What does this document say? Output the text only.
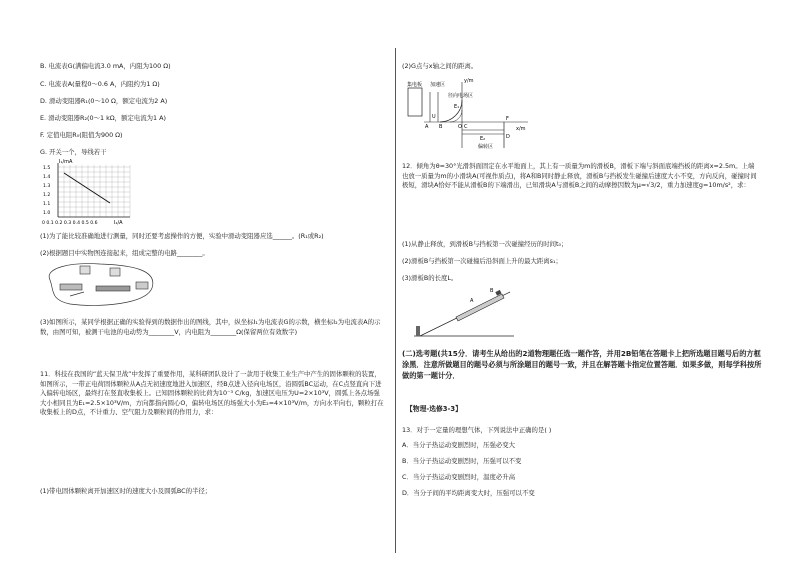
B. 电流表G(满偏电流3.0 mA，内阻为100 Ω)
C. 电流表A(量程0～0.6 A，内阻约为1 Ω)
D. 滑动变阻器R₁(0～10 Ω，额定电流为2 A)
E. 滑动变阻器R₂(0～1 kΩ，额定电流为1 A)
F. 定值电阻R₀(阻值为900 Ω)
G. 开关一个，导线若干
I₁/mA
1.5
1.4
1.3
1.2
1.1
1.0
0 0.1 0.2 0.3 0.4 0.5 0.6	I₂/A
(1)为了能比较准确地进行测量，同时还要考虑操作的方便，实验中滑动变阻器应选______。(R₁或R₂)
(2)根据题目中实物图连接起来，组成完整的电路________。
(3)如图所示，某同学根据正确的实验得到的数据作出的图线，其中，纵坐标I₁为电流表G的示数，横坐标I₂为电流表A的示数，由图可知，被测干电池的电动势为________V，内电阻为________Ω(保留两位有效数字)
11．科技在我国的“蓝天保卫战”中发挥了重要作用，某科研团队设计了一款用于收集工业生产中产生的固体颗粒的装置，如图所示，一带正电荷固体颗粒从A点无初速度地进入加速区，经B点进入径向电场区，沿圆弧BC运动，在C点竖直向下进入偏转电场区，最终打在竖直收集板上。已知固体颗粒的比荷为10⁻³ C/kg，加速区电压为U=2×10³V，圆弧上各点场强大小相同且为E₁=2.5×10³V/m，方向都指向圆心O，偏转电场区的场强大小为E₂=4×10³V/m，方向水平向右，颗粒打在收集板上的D点，不计重力、空气阻力及颗粒间的作用力，求：
(1)带电固体颗粒离开加速区时的速度大小及圆弧BC的半径；
(2)G点与x轴之间的距离。
集电板 加速区
径向电场区
y/m
x/m
U
A B	O C
E₁
E₂
F
D
偏转区
12．倾角为θ=30°光滑斜面固定在水平地面上，其上有一质量为m的滑板B，滑板下端与斜面底端挡板的距离x=2.5m。上端也放一质量为m的小滑块A(可视作质点)，将A和B同时静止释放，滑板B与挡板发生碰撞后速度大小不变，方向反向，碰撞时间极短，滑块A恰好不能从滑板B的下端滑出，已知滑块A与滑板B之间的动摩擦因数为μ=√3/2，重力加速度g=10m/s²，求：
(1)从静止释放，到滑板B与挡板第一次碰撞经历的时间t₀；
(2)滑板B与挡板第一次碰撞后沿斜面上升的最大距离s₁；
(3)滑板B的长度L。
A
B
(二)选考题(共15分．请考生从给出的2道物理题任选一题作答，并用2B铅笔在答题卡上把所选题目题号后的方框涂黑．注意所做题目的题号必须与所涂题目的题号一致，并且在解答题卡指定位置答题．如果多做，则每学科按所做的第一题计分．
【物理-选修3-3】
13．对于一定量的理想气体，下列说法中正确的是( )
A．当分子热运动变剧烈时，压强必变大
B．当分子热运动变剧烈时，压强可以不变
C．当分子热运动变剧烈时，温度必升高
D．当分子间的平均距离变大时，压强可以不变
